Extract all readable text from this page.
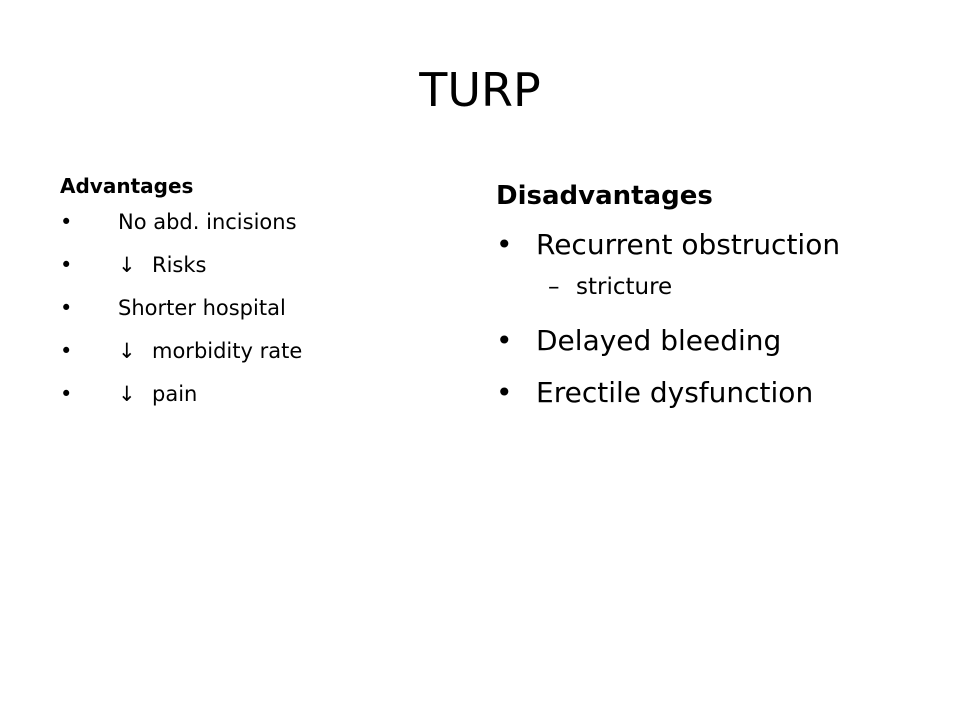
TURP

Advantages

• No abd. incisions
• ↓ Risks
• Shorter hospital
• ↓ morbidity rate
• ↓ pain

Disadvantages

• Recurrent obstruction
– stricture
• Delayed bleeding
• Erectile dysfunction
